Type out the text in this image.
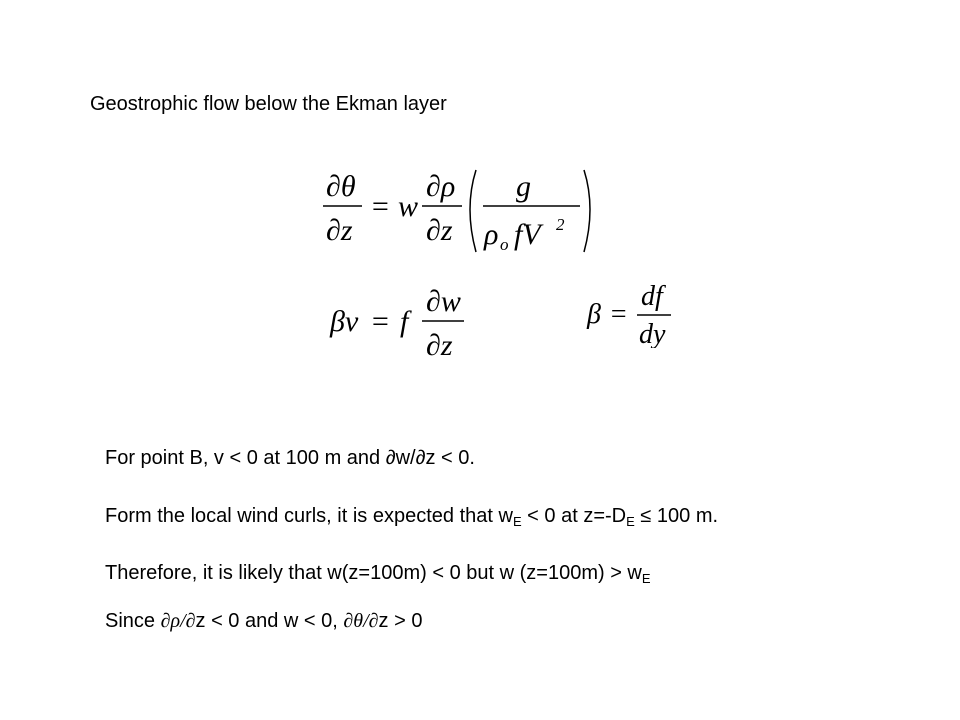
Geostrophic flow below the Ekman layer
∂θ
∂z
= w
∂ρ
∂z
g
ρ o fV 2
βv = f
∂w
∂z
β =
df
dy
For point B, v < 0 at 100 m and ∂w/∂z < 0.
Form the local wind curls, it is expected that $w_E < 0$ at $z=-D_E \le 100$ m.
Therefore, it is likely that w(z=100m) < 0 but w $(z=100m) > w_E$
Since ∂ρ/∂z < 0 and w < 0, ∂θ/∂z > 0
